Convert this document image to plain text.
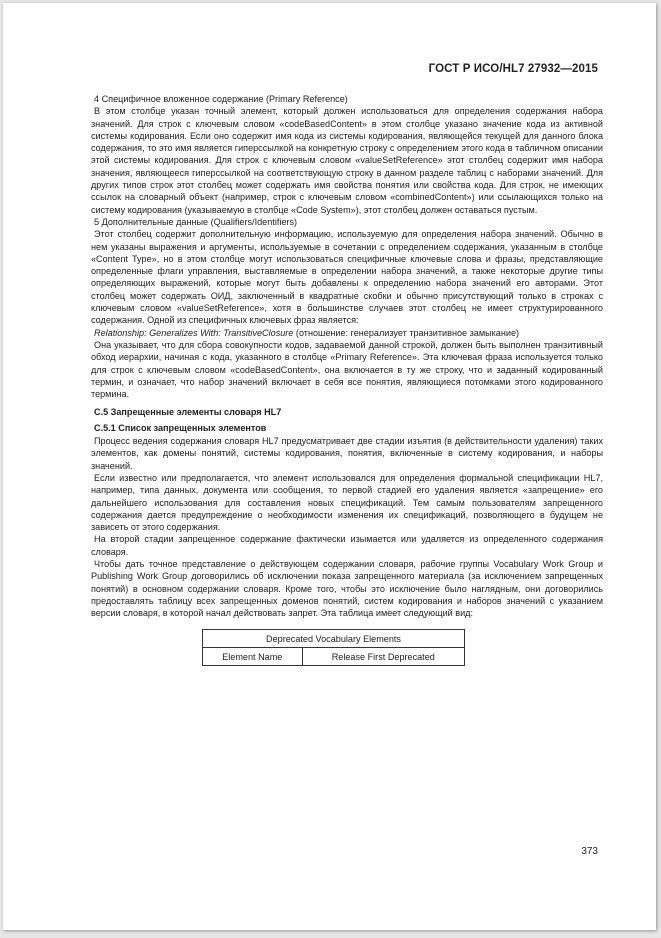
ГОСТ Р ИСО/HL7 27932—2015

4 Специфичное вложенное содержание (Primary Reference)

В этом столбце указан точный элемент, который должен использоваться для определения содержания набора значений. Для строк с ключевым словом «codeBasedContent» в этом столбце указано значение кода из активной системы кодирования. Если оно содержит имя кода из системы кодирования, являющейся текущей для данного блока содержания, то это имя является гиперссылкой на конкретную строку с определением этого кода в табличном описании этой системы кодирования. Для строк с ключевым словом «valueSetReference» этот столбец содержит имя набора значения, являющееся гиперссылкой на соответствующую строку в данном разделе таблиц с наборами значений. Для других типов строк этот столбец может содержать имя свойства понятия или свойства кода. Для строк, не имеющих ссылок на словарный объект (например, строк с ключевым словом «combinedContent») или ссылающихся только на систему кодирования (указываемую в столбце «Code System»), этот столбец должен оставаться пустым.

5 Дополнительные данные (Qualifiers/Identifiers)

Этот столбец содержит дополнительную информацию, используемую для определения набора значений. Обычно в нем указаны выражения и аргументы, используемые в сочетании с определением содержания, указанным в столбце «Content Type», но в этом столбце могут использоваться специфичные ключевые слова и фразы, представляющие определенные флаги управления, выставляемые в определении набора значений, а также некоторые другие типы определяющих выражений, которые могут быть добавлены к определению набора значений его авторами. Этот столбец может содержать ОИД, заключенный в квадратные скобки и обычно присутствующий только в строках с ключевым словом «valueSetReference», хотя в большинстве случаев этот столбец не имеет структурированного содержания. Одной из специфичных ключевых фраз является:

Relationship: Generalizes With: TransitiveClosure (отношение: генерализует транзитивное замыкание)

Она указывает, что для сбора совокупности кодов, задаваемой данной строкой, должен быть выполнен транзитивный обход иерархии, начиная с кода, указанного в столбце «Primary Reference». Эта ключевая фраза используется только для строк с ключевым словом «codeBasedContent», она включается в ту же строку, что и заданный кодированный термин, и означает, что набор значений включает в себя все понятия, являющиеся потомками этого кодированного термина.

С.5 Запрещенные элементы словаря HL7

С.5.1 Список запрещенных элементов

Процесс ведения содержания словаря HL7 предусматривает две стадии изъятия (в действительности удаления) таких элементов, как домены понятий, системы кодирования, понятия, включенные в систему кодирования, и наборы значений.

Если известно или предполагается, что элемент использовался для определения формальной спецификации HL7, например, типа данных, документа или сообщения, то первой стадией его удаления является «запрещение» его дальнейшего использования для составления новых спецификаций. Тем самым пользователям запрещенного содержания дается предупреждение о необходимости изменения их спецификаций, позволяющего в будущем не зависеть от этого содержания.

На второй стадии запрещенное содержание фактически изымается или удаляется из определенного содержания словаря.

Чтобы дать точное представление о действующем содержании словаря, рабочие группы Vocabulary Work Group и Publishing Work Group договорились об исключении показа запрещенного материала (за исключением запрещенных понятий) в основном содержании словаря. Кроме того, чтобы это исключение было наглядным, они договорились предоставлять таблицу всех запрещенных доменов понятий, систем кодирования и наборов значений с указанием версии словаря, в которой начал действовать запрет. Эта таблица имеет следующий вид:

Deprecated Vocabulary Elements
Element Name	Release First Deprecated
373
